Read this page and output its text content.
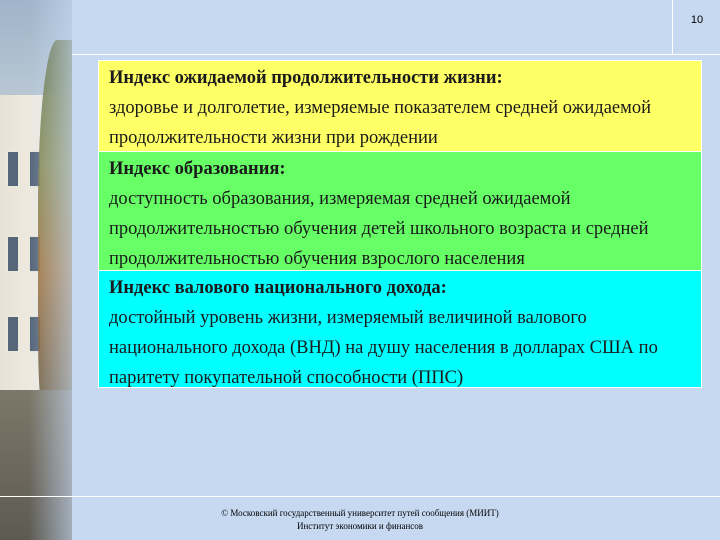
10
Индекс ожидаемой продолжительности жизни:
здоровье и долголетие, измеряемые показателем средней ожидаемой продолжительности жизни при рождении
Индекс образования:
доступность образования, измеряемая средней ожидаемой продолжительностью обучения детей школьного возраста и средней продолжительностью обучения взрослого населения
Индекс валового национального дохода:
достойный уровень жизни, измеряемый величиной валового национального дохода (ВНД) на душу населения в долларах США по паритету покупательной способности (ППС)
© Московский государственный университет путей сообщения (МИИТ)
Институт экономики и финансов
